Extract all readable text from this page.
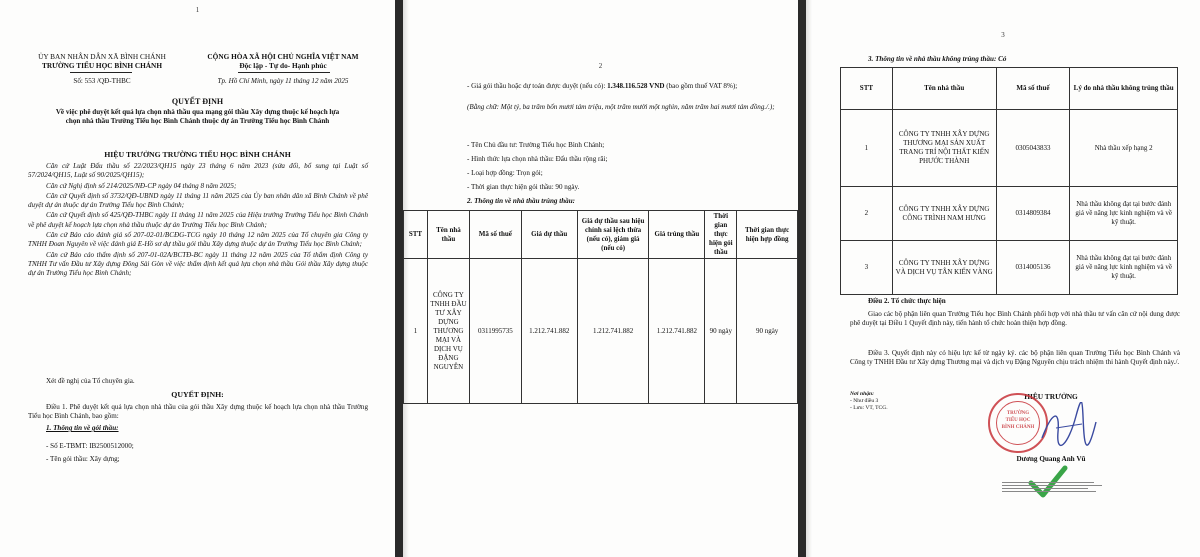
1
ỦY BAN NHÂN DÂN XÃ BÌNH CHÁNH
TRƯỜNG TIỂU HỌC BÌNH CHÁNH
Số: 553 /QĐ-THBC
CỘNG HÒA XÃ HỘI CHỦ NGHĨA VIỆT NAM
Độc lập - Tự do- Hạnh phúc
Tp. Hồ Chí Minh, ngày 11 tháng 12 năm 2025
QUYẾT ĐỊNH
Về việc phê duyệt kết quả lựa chọn nhà thầu qua mạng gói thầu Xây dựng thuộc kế hoạch lựa chọn nhà thầu Trường Tiểu học Bình Chánh thuộc dự án Trường Tiểu học Bình Chánh
HIỆU TRƯỞNG TRƯỜNG TIỂU HỌC BÌNH CHÁNH
Căn cứ Luật Đấu thầu số 22/2023/QH15 ngày 23 tháng 6 năm 2023 (sửa đổi, bổ sung tại Luật số 57/2024/QH15, Luật số 90/2025/QH15);
Căn cứ Nghị định số 214/2025/NĐ-CP ngày 04 tháng 8 năm 2025;
Căn cứ Quyết định số 3732/QĐ-UBND ngày 11 tháng 11 năm 2025 của Ủy ban nhân dân xã Bình Chánh về phê duyệt dự án thuộc dự án Trường Tiểu học Bình Chánh;
Căn cứ Quyết định số 425/QĐ-THBC ngày 11 tháng 11 năm 2025 của Hiệu trưởng Trường Tiểu học Bình Chánh về phê duyệt kế hoạch lựa chọn nhà thầu thuộc dự án Trường Tiểu học Bình Chánh;
Căn cứ Báo cáo đánh giá số 207-02-01/BCĐG-TCG ngày 10 tháng 12 năm 2025 của Tổ chuyên gia Công ty TNHH Đoan Nguyên về việc đánh giá E-Hồ sơ dự thầu gói thầu Xây dựng thuộc dự án Trường Tiểu học Bình Chánh;
Căn cứ Báo cáo thẩm định số 207-01-02A/BCTĐ-BC ngày 11 tháng 12 năm 2025 của Tổ thẩm định Công ty TNHH Tư vấn Đầu tư Xây dựng Đông Sài Gòn về việc thẩm định kết quả lựa chọn nhà thầu Gói thầu Xây dựng thuộc dự án Trường Tiểu học Bình Chánh;
Xét đề nghị của Tổ chuyên gia.
QUYẾT ĐỊNH:
Điều 1. Phê duyệt kết quả lựa chọn nhà thầu của gói thầu Xây dựng thuộc kế hoạch lựa chọn nhà thầu Trường Tiểu học Bình Chánh, bao gồm:
1. Thông tin về gói thầu:
- Số E-TBMT: IB2500512000;
- Tên gói thầu: Xây dựng;
2
- Giá gói thầu hoặc dự toán được duyệt (nếu có): 1.348.116.528 VND (bao gồm thuế VAT 8%);
(Bằng chữ: Một tỷ, ba trăm bốn mươi tám triệu, một trăm mười một nghìn, năm trăm hai mươi tám đồng./.);
- Tên Chủ đầu tư: Trường Tiểu học Bình Chánh;
- Hình thức lựa chọn nhà thầu: Đấu thầu rộng rãi;
- Loại hợp đồng: Trọn gói;
- Thời gian thực hiện gói thầu: 90 ngày.
2. Thông tin về nhà thầu trúng thầu:
STT	Tên nhà thầu	Mã số thuế	Giá dự thầu	Giá dự thầu sau hiệu chỉnh sai lệch thừa (nếu có), giảm giá (nếu có)	Giá trúng thầu	Thời gian thực hiện gói thầu	Thời gian thực hiện hợp đồng
1	CÔNG TY TNHH ĐẦU TƯ XÂY DỰNG THƯƠNG MẠI VÀ DỊCH VỤ ĐẶNG NGUYÊN	0311995735	1.212.741.882	1.212.741.882	1.212.741.882	90 ngày	90 ngày
3
3. Thông tin về nhà thầu không trúng thầu: Có
STT	Tên nhà thầu	Mã số thuế	Lý do nhà thầu không trúng thầu
1	CÔNG TY TNHH XÂY DỰNG THƯƠNG MẠI SẢN XUẤT TRANG TRÍ NỘI THẤT KIẾN PHƯỚC THÀNH	0305043833	Nhà thầu xếp hạng 2
2	CÔNG TY TNHH XÂY DỰNG CÔNG TRÌNH NAM HƯNG	0314809384	Nhà thầu không đạt tại bước đánh giá về năng lực kinh nghiệm và về kỹ thuật.
3	CÔNG TY TNHH XÂY DỰNG VÀ DỊCH VỤ TÂN KIẾN VÀNG	0314005136	Nhà thầu không đạt tại bước đánh giá về năng lực kinh nghiệm và về kỹ thuật.
Điều 2. Tổ chức thực hiện
Giao các bộ phận liên quan Trường Tiểu học Bình Chánh phối hợp với nhà thầu tư vấn căn cứ nội dung được phê duyệt tại Điều 1 Quyết định này, tiến hành tổ chức hoàn thiện hợp đồng.
Điều 3. Quyết định này có hiệu lực kể từ ngày ký. các bộ phận liên quan Trường Tiểu học Bình Chánh và Công ty TNHH Đầu tư Xây dựng Thương mại và dịch vụ Đặng Nguyên chịu trách nhiệm thi hành Quyết định này./.
Nơi nhận:
- Như điều 3
- Lưu: VT, TCG.
HIỆU TRƯỞNG
TRƯỜNG
TIỂU HỌC
BÌNH CHÁNH
Dương Quang Anh Vũ
